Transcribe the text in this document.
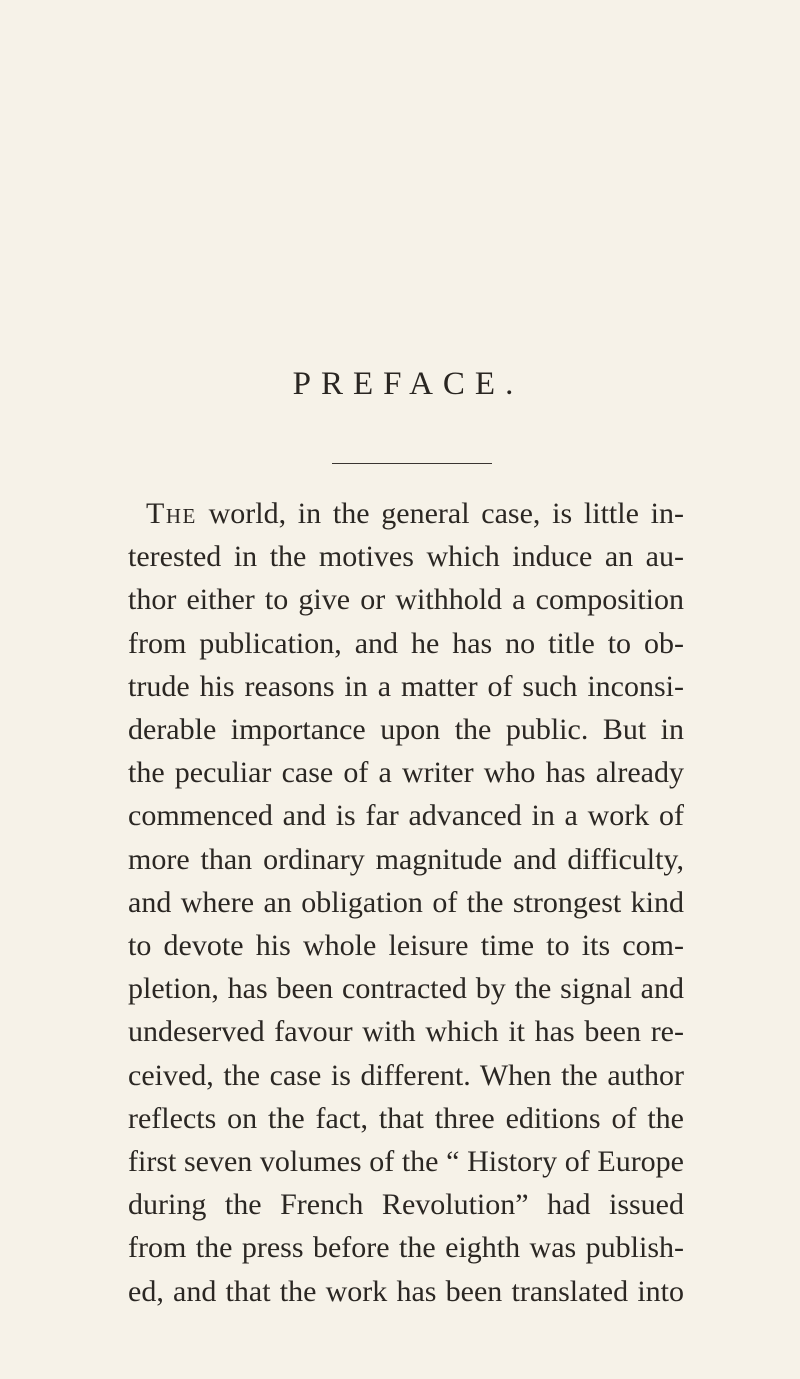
PREFACE.
The world, in the general case, is little in-
terested in the motives which induce an au-
thor either to give or withhold a composition
from publication, and he has no title to ob-
trude his reasons in a matter of such inconsi-
derable importance upon the public. But in
the peculiar case of a writer who has already
commenced and is far advanced in a work of
more than ordinary magnitude and difficulty,
and where an obligation of the strongest kind
to devote his whole leisure time to its com-
pletion, has been contracted by the signal and
undeserved favour with which it has been re-
ceived, the case is different. When the author
reflects on the fact, that three editions of the
first seven volumes of the “ History of Europe
during the French Revolution” had issued
from the press before the eighth was publish-
ed, and that the work has been translated into
